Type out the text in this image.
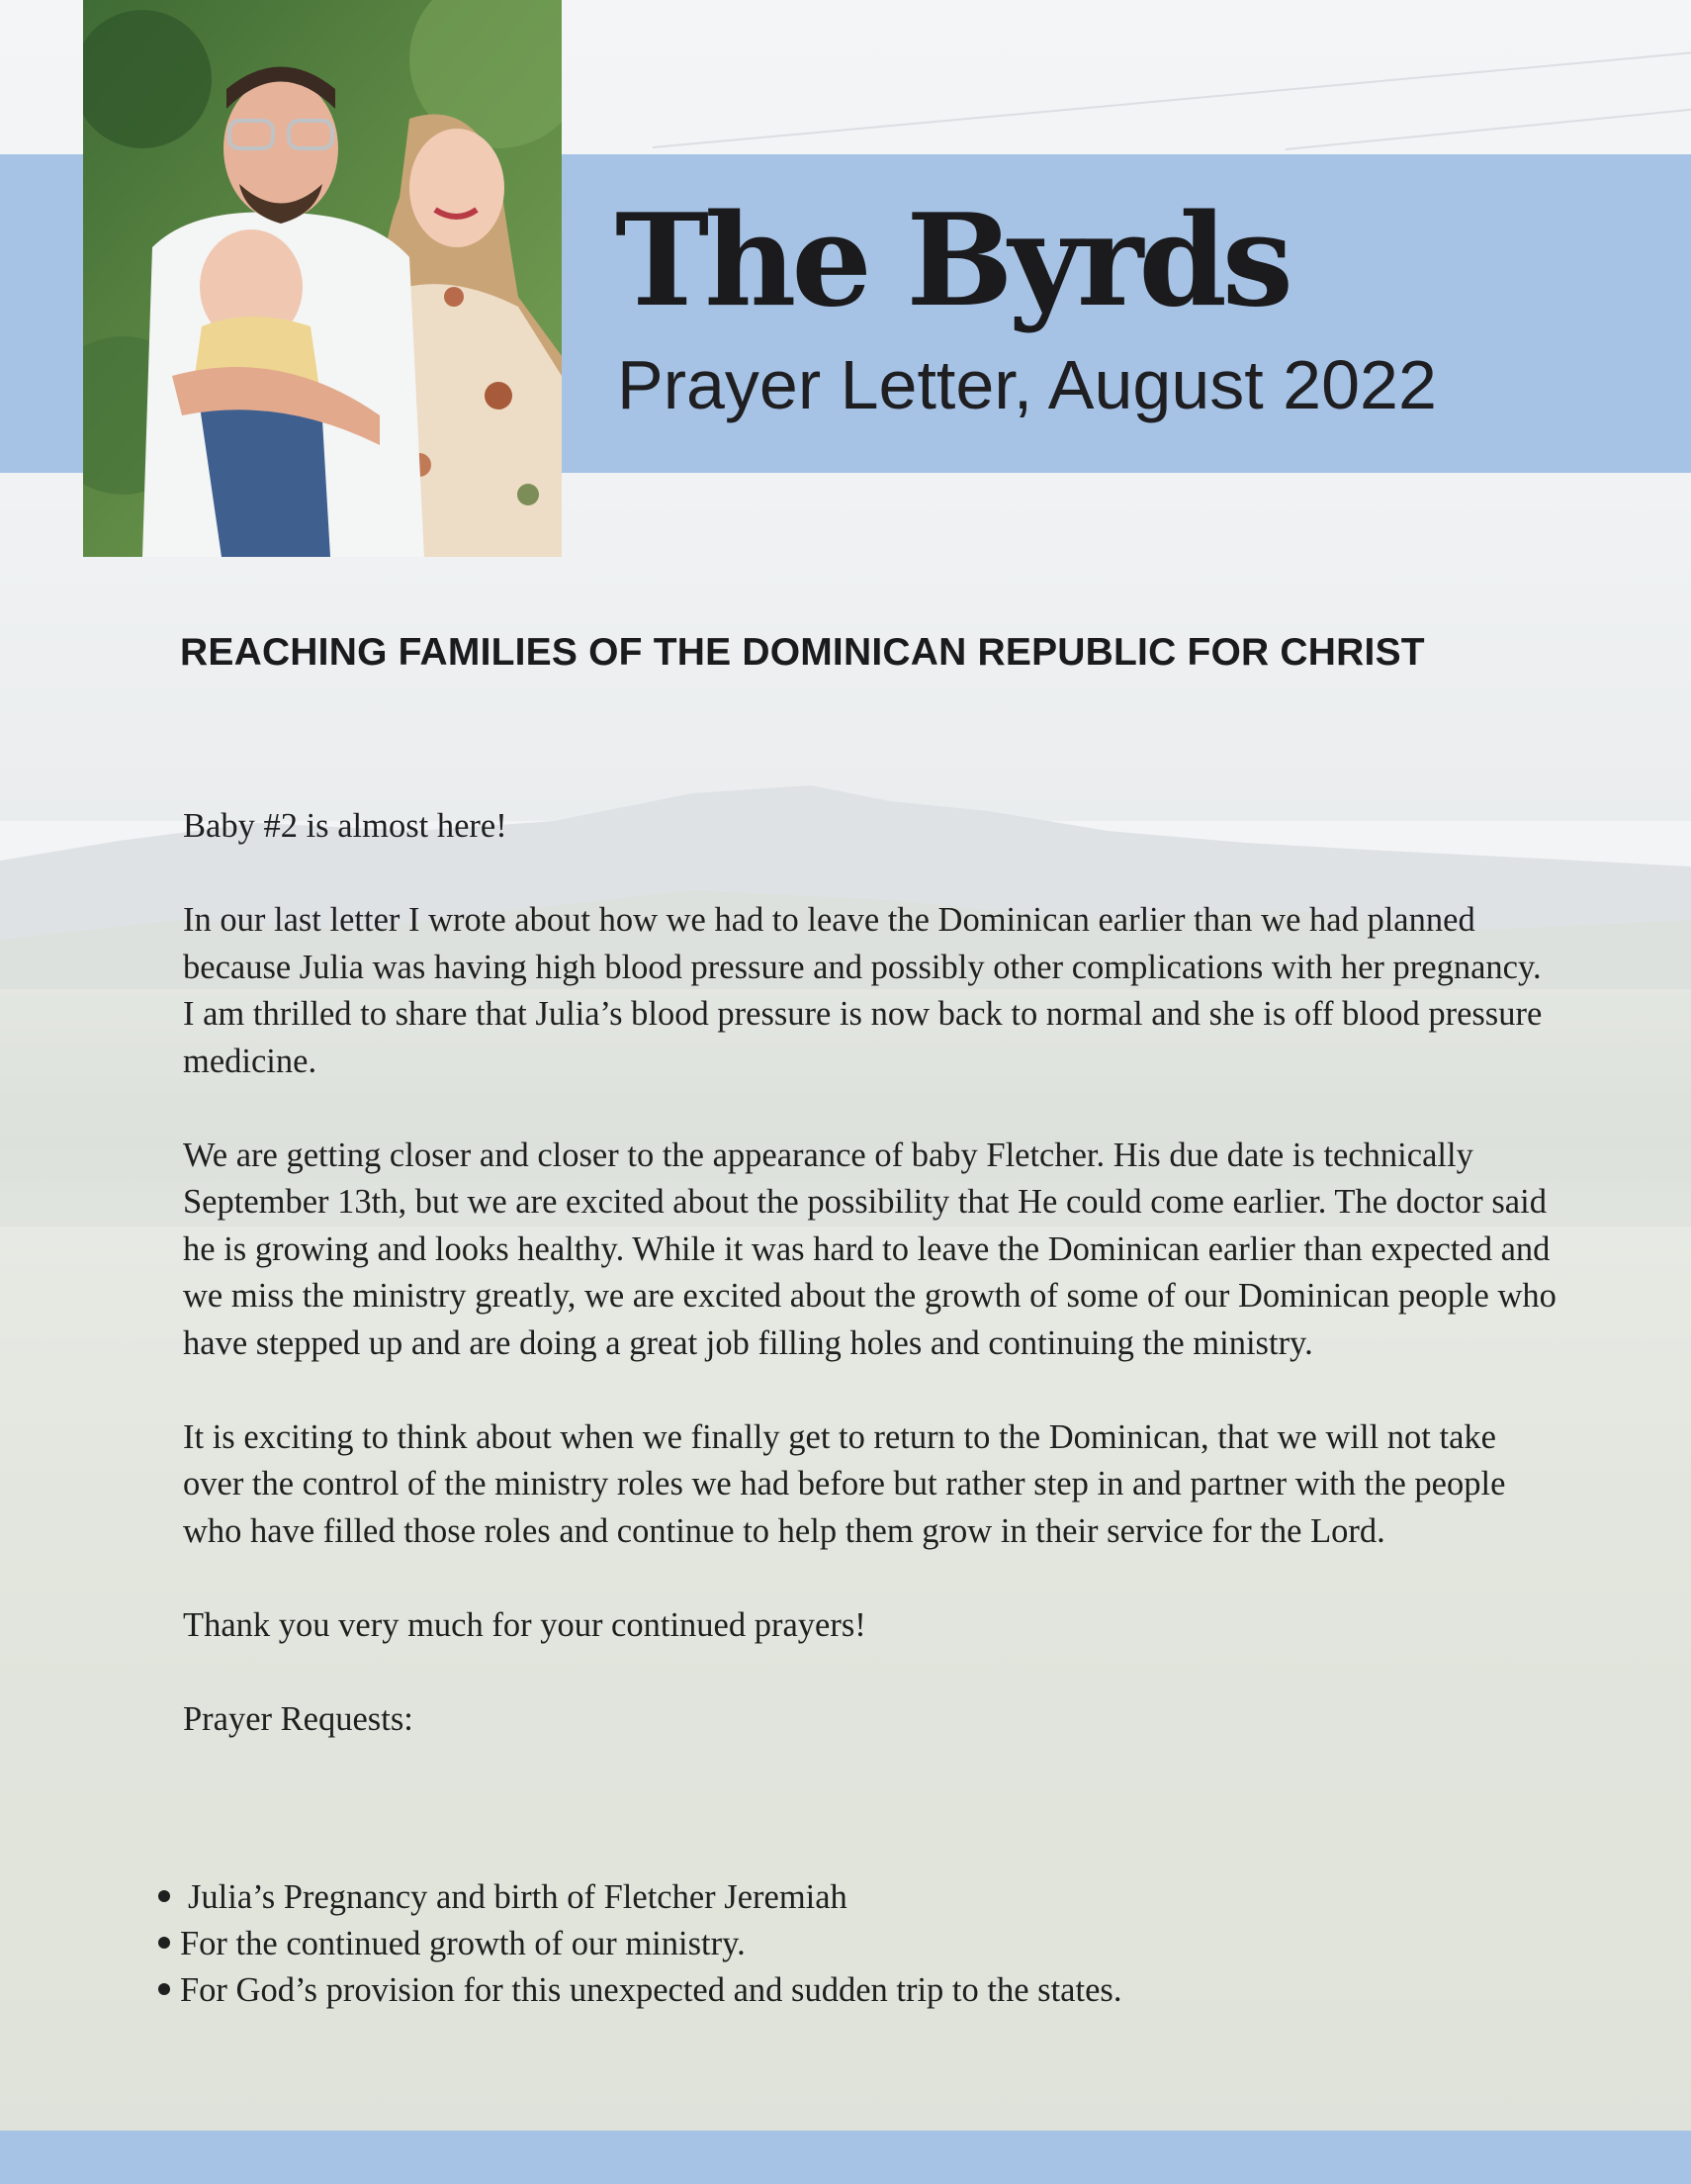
The Byrds
Prayer Letter, August 2022
REACHING FAMILIES OF THE DOMINICAN REPUBLIC FOR CHRIST

Baby #2 is almost here!

In our last letter I wrote about how we had to leave the Dominican earlier than we had planned because Julia was having high blood pressure and possibly other complications with her pregnancy. I am thrilled to share that Julia’s blood pressure is now back to normal and she is off blood pressure medicine.

We are getting closer and closer to the appearance of baby Fletcher. His due date is technically September 13th, but we are excited about the possibility that He could come earlier. The doctor said he is growing and looks healthy. While it was hard to leave the Dominican earlier than expected and we miss the ministry greatly, we are excited about the growth of some of our Dominican people who have stepped up and are doing a great job filling holes and continuing the ministry.

It is exciting to think about when we finally get to return to the Dominican, that we will not take over the control of the ministry roles we had before but rather step in and partner with the people who have filled those roles and continue to help them grow in their service for the Lord.

Thank you very much for your continued prayers!

Prayer Requests:

Julia’s Pregnancy and birth of Fletcher Jeremiah
For the continued growth of our ministry.
For God’s provision for this unexpected and sudden trip to the states.
